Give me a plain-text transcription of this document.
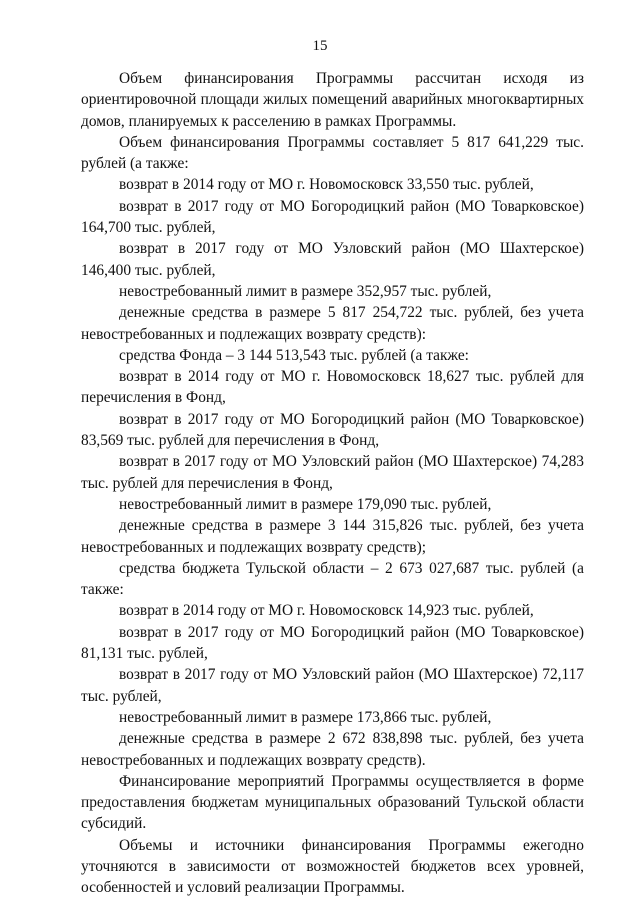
15

Объем финансирования Программы рассчитан исходя из ориентировочной площади жилых помещений аварийных многоквартирных домов, планируемых к расселению в рамках Программы.

Объем финансирования Программы составляет 5 817 641,229 тыс. рублей (а также:

возврат в 2014 году от МО г. Новомосковск 33,550 тыс. рублей,

возврат в 2017 году от МО Богородицкий район (МО Товарковское) 164,700 тыс. рублей,

возврат в 2017 году от МО Узловский район (МО Шахтерское) 146,400 тыс. рублей,

невостребованный лимит в размере 352,957 тыс. рублей,

денежные средства в размере 5 817 254,722 тыс. рублей, без учета невостребованных и подлежащих возврату средств):

средства Фонда – 3 144 513,543 тыс. рублей (а также:

возврат в 2014 году от МО г. Новомосковск 18,627 тыс. рублей для перечисления в Фонд,

возврат в 2017 году от МО Богородицкий район (МО Товарковское) 83,569 тыс. рублей для перечисления в Фонд,

возврат в 2017 году от МО Узловский район (МО Шахтерское) 74,283 тыс. рублей для перечисления в Фонд,

невостребованный лимит в размере 179,090 тыс. рублей,

денежные средства в размере 3 144 315,826 тыс. рублей, без учета невостребованных и подлежащих возврату средств);

средства бюджета Тульской области – 2 673 027,687 тыс. рублей (а также:

возврат в 2014 году от МО г. Новомосковск 14,923 тыс. рублей,

возврат в 2017 году от МО Богородицкий район (МО Товарковское) 81,131 тыс. рублей,

возврат в 2017 году от МО Узловский район (МО Шахтерское) 72,117 тыс. рублей,

невостребованный лимит в размере 173,866 тыс. рублей,

денежные средства в размере 2 672 838,898 тыс. рублей, без учета невостребованных и подлежащих возврату средств).

Финансирование мероприятий Программы осуществляется в форме предоставления бюджетам муниципальных образований Тульской области субсидий.

Объемы и источники финансирования Программы ежегодно уточняются в зависимости от возможностей бюджетов всех уровней, особенностей и условий реализации Программы.
